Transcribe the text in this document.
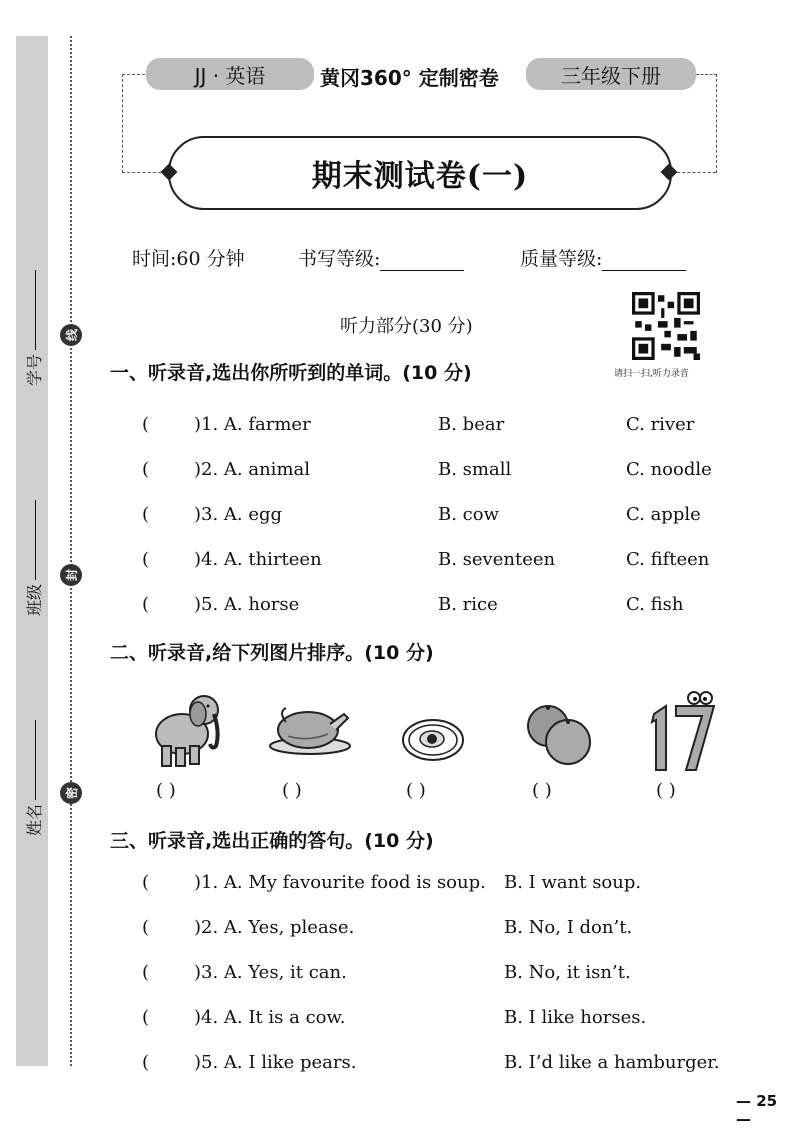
线
封
密
学号
班级
姓名
JJ · 英语	黄冈360° 定制密卷	三年级下册
期末测试卷(一)
时间:60 分钟	书写等级:	质量等级:
听力部分(30 分)
请扫一扫,听力录音
一、听录音,选出你所听到的单词。(10 分)
( )1. A. farmer	B. bear	C. river
( )2. A. animal	B. small	C. noodle
( )3. A. egg	B. cow	C. apple
( )4. A. thirteen	B. seventeen	C. fifteen
( )5. A. horse	B. rice	C. fish
二、听录音,给下列图片排序。(10 分)
( )	( )	( )	( )	( )
三、听录音,选出正确的答句。(10 分)
( )1. A. My favourite food is soup. B. I want soup.
( )2. A. Yes, please.	B. No, I don’t.
( )3. A. Yes, it can.	B. No, it isn’t.
( )4. A. It is a cow.	B. I like horses.
( )5. A. I like pears.	B. I’d like a hamburger.
— 25 —
